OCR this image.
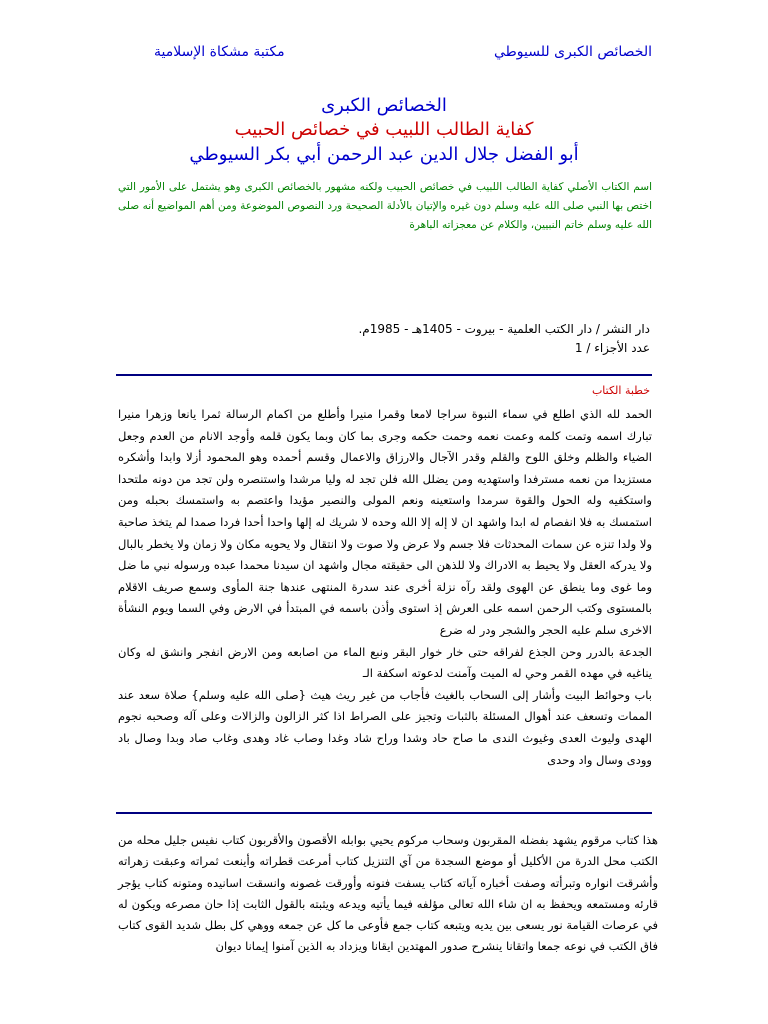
الخصائص الكبرى للسيوطي
مكتبة مشكاة الإسلامية
الخصائص الكبرى
كفاية الطالب اللبيب في خصائص الحبيب
أبو الفضل جلال الدين عبد الرحمن أبي بكر السيوطي
اسم الكتاب الأصلي كفاية الطالب اللبيب في خصائص الحبيب ولكنه مشهور بالخصائص الكبرى وهو يشتمل على الأمور التي اختص بها النبي صلى الله عليه وسلم دون غيره والإتيان بالأدلة الصحيحة ورد النصوص الموضوعة ومن أهم المواضيع أنه صلى الله عليه وسلم خاتم النبيين، والكلام عن معجزاته الباهرة
دار النشر / دار الكتب العلمية - بيروت - 1405هـ - 1985م.
عدد الأجزاء / 1
خطبة الكتاب

الحمد لله الذي اطلع في سماء النبوة سراجا لامعا وقمرا منيرا وأطلع من اكمام الرسالة ثمرا يانعا وزهرا منيرا تبارك اسمه وتمت كلمه وعمت نعمه وحمت حكمه وجرى بما كان وبما يكون قلمه وأوجد الانام من العدم وجعل الضياء والظلم وخلق اللوح والقلم وقدر الآجال والارزاق والاعمال وقسم أحمده وهو المحمود أزلا وابدا وأشكره مستزيدا من نعمه مسترفدا واستهديه ومن يضلل الله فلن تجد له وليا مرشدا واستنصره ولن تجد من دونه ملتحدا واستكفيه وله الحول والقوة سرمدا واستعينه ونعم المولى والنصير مؤيدا واعتصم به واستمسك بحبله ومن استمسك به فلا انفصام له ابدا واشهد ان لا إله إلا الله وحده لا شريك له إلها واحدا أحدا فردا صمدا لم يتخذ صاحبة ولا ولدا تنزه عن سمات المحدثات فلا جسم ولا عرض ولا صوت ولا انتقال ولا يحويه مكان ولا زمان ولا يخطر بالبال ولا يدركه العقل ولا يحيط به الادراك ولا للذهن الى حقيقته مجال واشهد ان سيدنا محمدا عبده ورسوله نبي ما ضل وما غوى وما ينطق عن الهوى ولقد رآه نزلة أخرى عند سدرة المنتهى عندها جنة المأوى وسمع صريف الاقلام بالمستوى وكتب الرحمن اسمه على العرش إذ استوى وأذن باسمه في المبتدأ في الارض وفي السما ويوم النشأة الاخرى سلم عليه الحجر والشجر ودر له ضرع

الجدعة بالدرر وحن الجذع لفراقه حتى خار خوار البقر ونبع الماء من اصابعه ومن الارض انفجر وانشق له وكان يناغيه في مهده القمر وحي له الميت وآمنت لدعوته اسكفة الـ

باب وحوائط البيت وأشار إلى السحاب بالغيث فأجاب من غير ريث هيث {صلى الله عليه وسلم} صلاة سعد عند الممات وتسعف عند أهوال المسئلة بالثبات وتجيز على الصراط اذا كثر الزالون والزالات وعلى آله وصحبه نجوم الهدى وليوث العدى وغيوث الندى ما صاح حاد وشدا وراح شاد وغدا وصاب غاد وهدى وغاب صاد وبدا وصال باد وودى وسال واد وحدى

هذا كتاب مرقوم يشهد بفضله المقربون وسحاب مركوم يحيي بوابله الأقصون والأقربون كتاب نفيس جليل محله من الكتب محل الدرة من الأكليل أو موضع السجدة من آي التنزيل كتاب أمرعت قطراته وأينعت ثمراته وعبقت زهراته وأشرقت انواره وتبرأته وصفت أخباره آياته كتاب يسفت فنونه وأورقت غصونه وانسقت اسانيده ومتونه كتاب يؤجر قارئه ومستمعه ويحفظ به ان شاء الله تعالى مؤلفه فيما يأتيه ويدعه ويثبته بالقول الثابت إذا حان مصرعه ويكون له في عرصات القيامة نور يسعى بين يديه ويتبعه كتاب جمع فأوعى ما كل عن جمعه ووهي كل بطل شديد القوى كتاب فاق الكتب في نوعه جمعا واتقانا ينشرح صدور المهتدين ايقانا ويزداد به الذين آمنوا إيمانا ديوان
